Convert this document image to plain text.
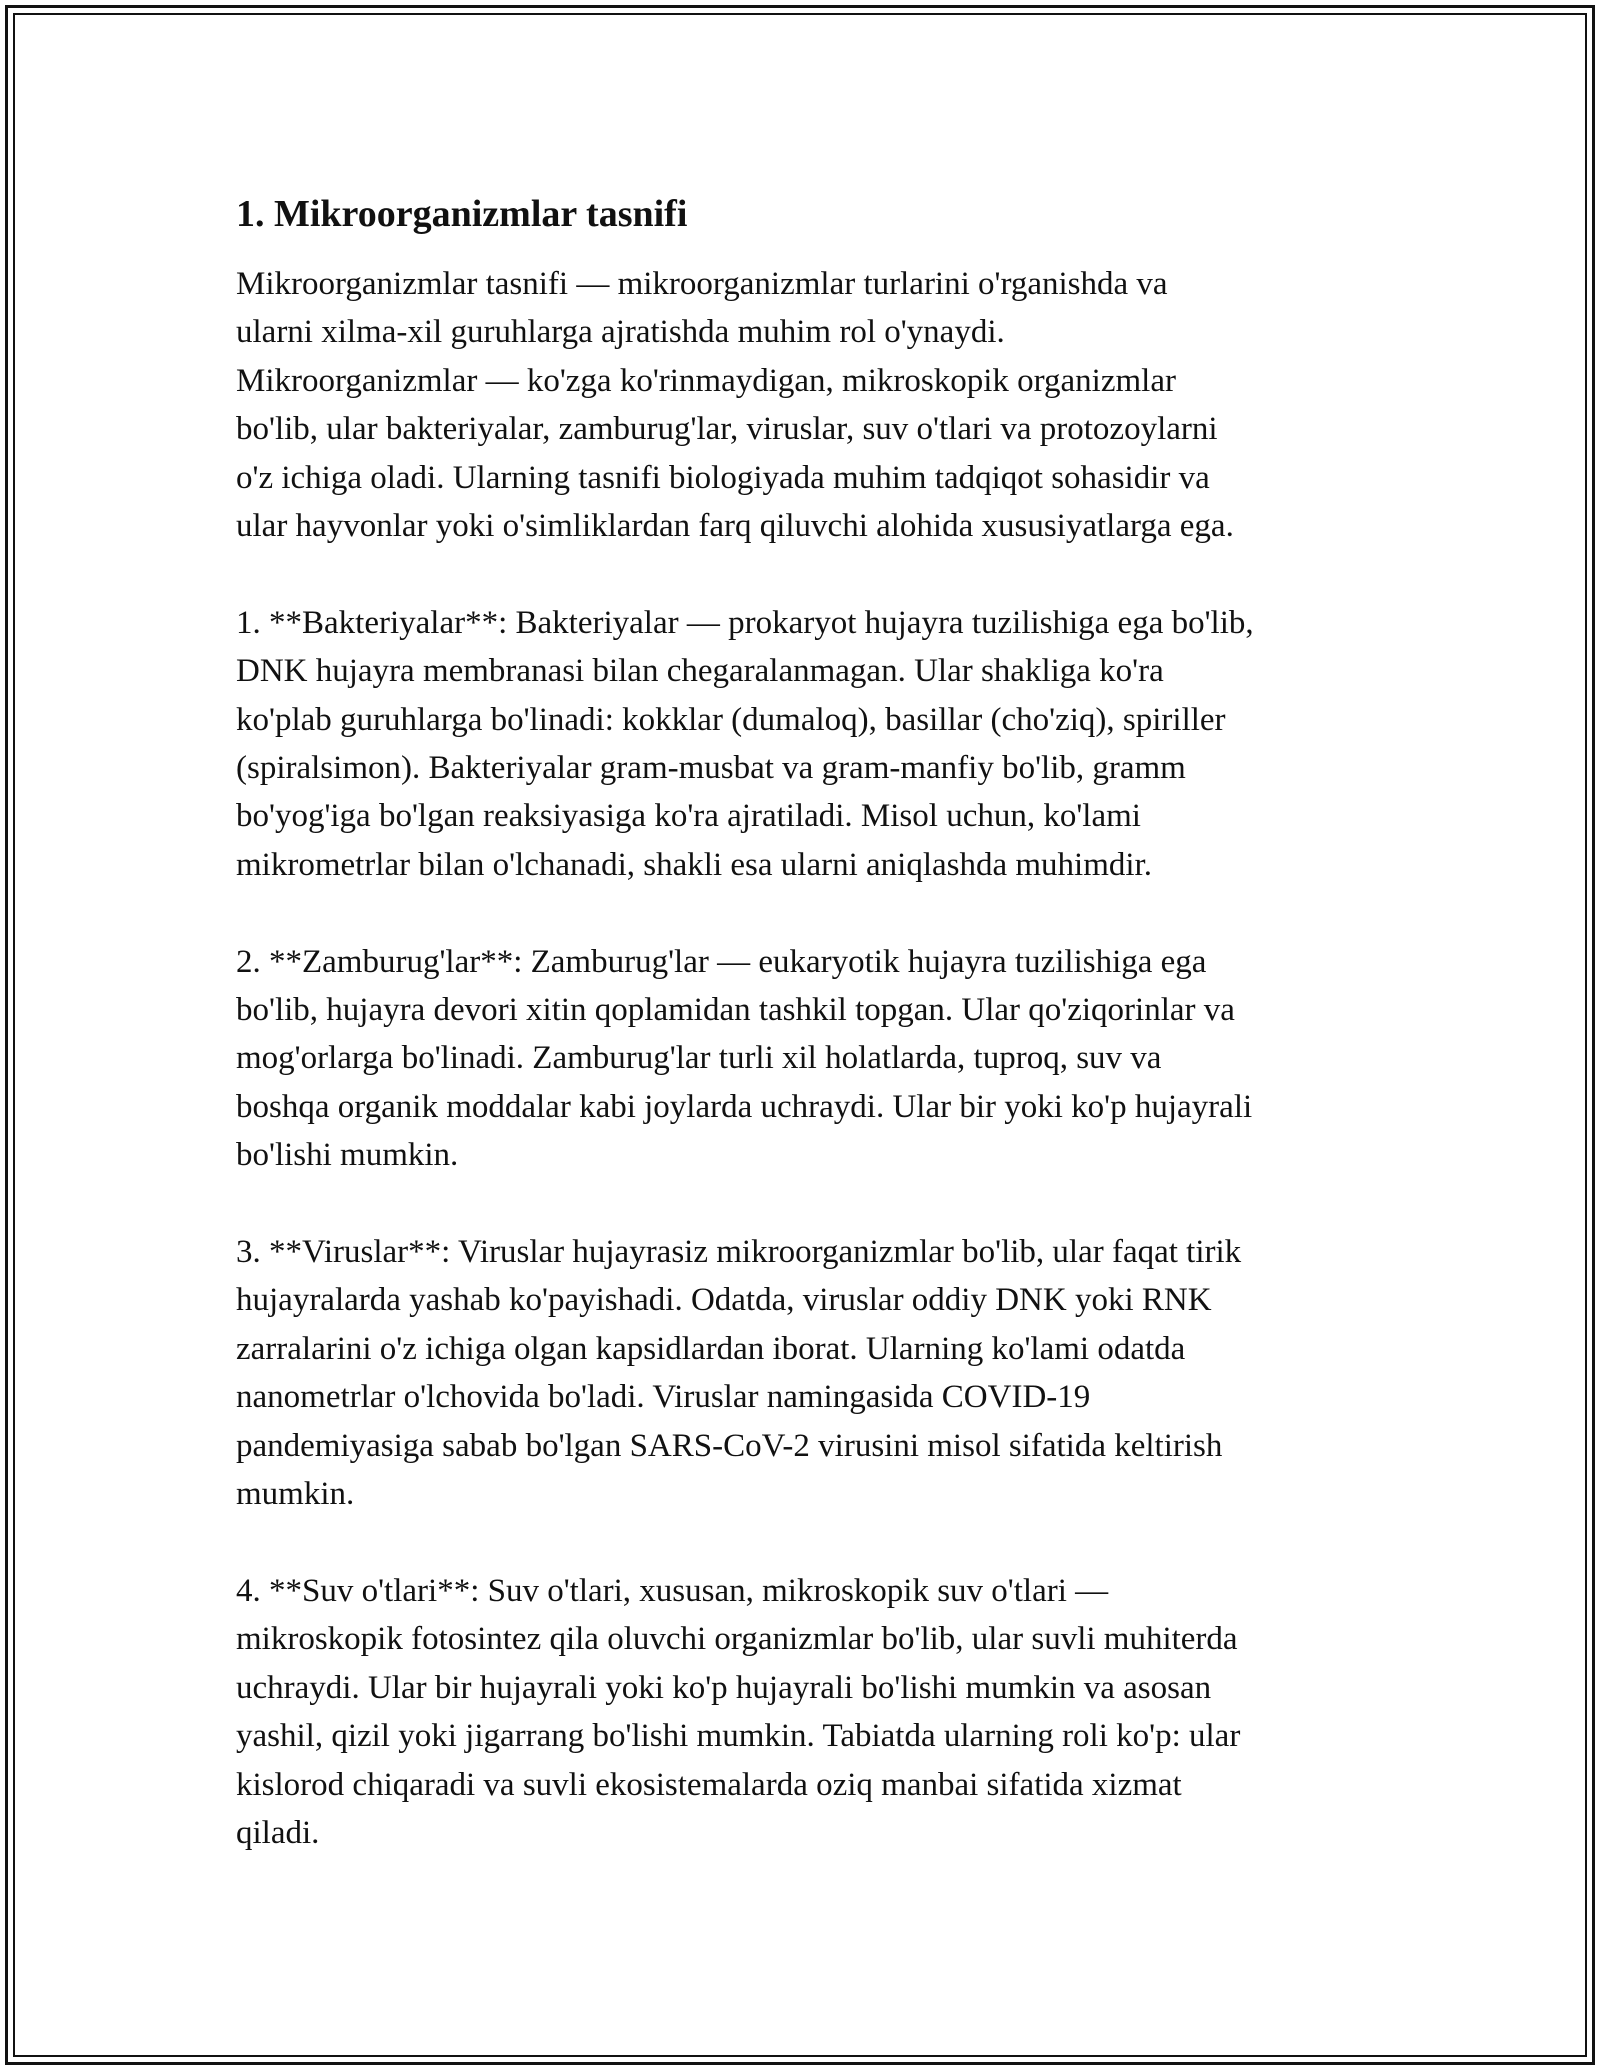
1. Mikroorganizmlar tasnifi

Mikroorganizmlar tasnifi — mikroorganizmlar turlarini o'rganishda va
ularni xilma-xil guruhlarga ajratishda muhim rol o'ynaydi.
Mikroorganizmlar — ko'zga ko'rinmaydigan, mikroskopik organizmlar
bo'lib, ular bakteriyalar, zamburug'lar, viruslar, suv o'tlari va protozoylarni
o'z ichiga oladi. Ularning tasnifi biologiyada muhim tadqiqot sohasidir va
ular hayvonlar yoki o'simliklardan farq qiluvchi alohida xususiyatlarga ega.

1. **Bakteriyalar**: Bakteriyalar — prokaryot hujayra tuzilishiga ega bo'lib,
DNK hujayra membranasi bilan chegaralanmagan. Ular shakliga ko'ra
ko'plab guruhlarga bo'linadi: kokklar (dumaloq), basillar (cho'ziq), spiriller
(spiralsimon). Bakteriyalar gram-musbat va gram-manfiy bo'lib, gramm
bo'yog'iga bo'lgan reaksiyasiga ko'ra ajratiladi. Misol uchun, ko'lami
mikrometrlar bilan o'lchanadi, shakli esa ularni aniqlashda muhimdir.

2. **Zamburug'lar**: Zamburug'lar — eukaryotik hujayra tuzilishiga ega
bo'lib, hujayra devori xitin qoplamidan tashkil topgan. Ular qo'ziqorinlar va
mog'orlarga bo'linadi. Zamburug'lar turli xil holatlarda, tuproq, suv va
boshqa organik moddalar kabi joylarda uchraydi. Ular bir yoki ko'p hujayrali
bo'lishi mumkin.

3. **Viruslar**: Viruslar hujayrasiz mikroorganizmlar bo'lib, ular faqat tirik
hujayralarda yashab ko'payishadi. Odatda, viruslar oddiy DNK yoki RNK
zarralarini o'z ichiga olgan kapsidlardan iborat. Ularning ko'lami odatda
nanometrlar o'lchovida bo'ladi. Viruslar namingasida COVID-19
pandemiyasiga sabab bo'lgan SARS-CoV-2 virusini misol sifatida keltirish
mumkin.

4. **Suv o'tlari**: Suv o'tlari, xususan, mikroskopik suv o'tlari —
mikroskopik fotosintez qila oluvchi organizmlar bo'lib, ular suvli muhiterda
uchraydi. Ular bir hujayrali yoki ko'p hujayrali bo'lishi mumkin va asosan
yashil, qizil yoki jigarrang bo'lishi mumkin. Tabiatda ularning roli ko'p: ular
kislorod chiqaradi va suvli ekosistemalarda oziq manbai sifatida xizmat
qiladi.
